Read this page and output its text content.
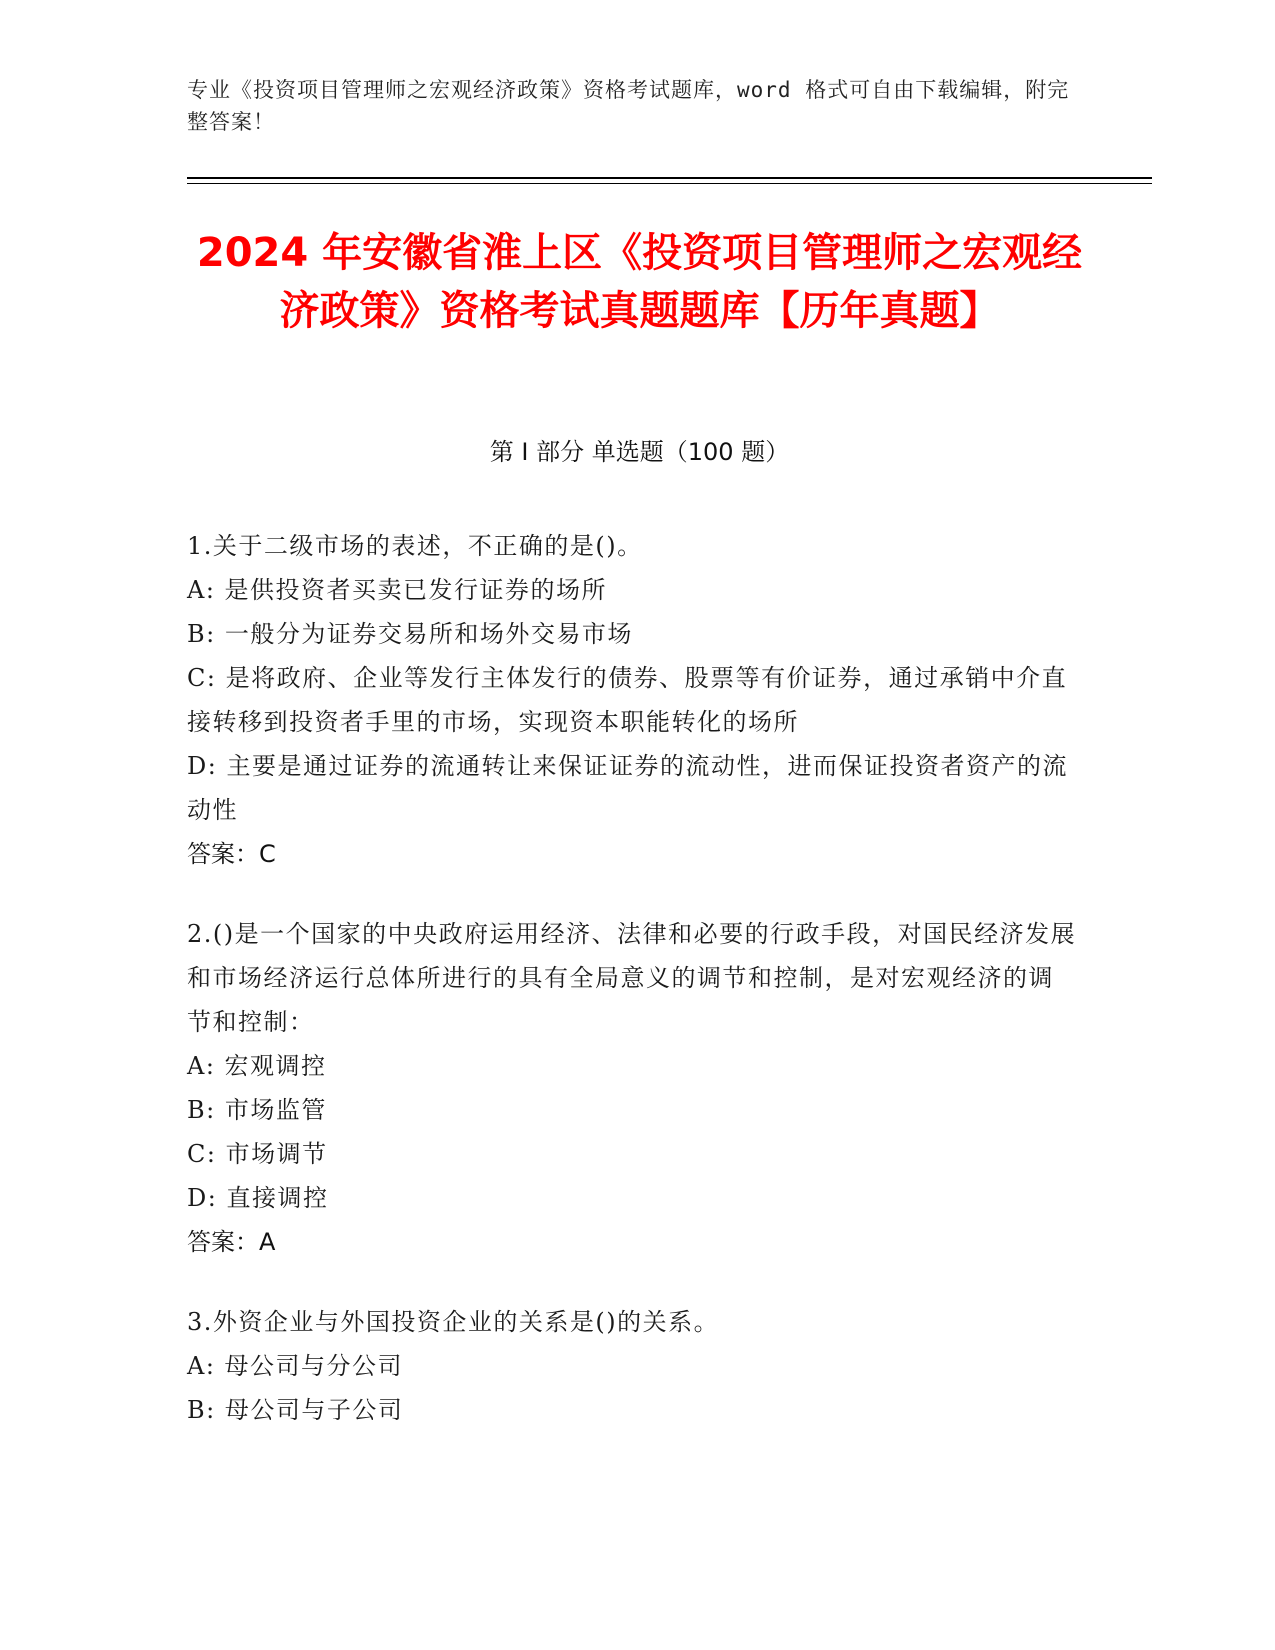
专业《投资项目管理师之宏观经济政策》资格考试题库，word 格式可自由下载编辑，附完整答案！
2024 年安徽省淮上区《投资项目管理师之宏观经济政策》资格考试真题题库【历年真题】
第 I 部分 单选题（100 题）
1.关于二级市场的表述，不正确的是()。
A: 是供投资者买卖已发行证券的场所
B: 一般分为证券交易所和场外交易市场
C: 是将政府、企业等发行主体发行的债券、股票等有价证券，通过承销中介直接转移到投资者手里的市场，实现资本职能转化的场所
D: 主要是通过证券的流通转让来保证证券的流动性，进而保证投资者资产的流动性
答案：C
2.()是一个国家的中央政府运用经济、法律和必要的行政手段，对国民经济发展和市场经济运行总体所进行的具有全局意义的调节和控制，是对宏观经济的调节和控制：
A: 宏观调控
B: 市场监管
C: 市场调节
D: 直接调控
答案：A
3.外资企业与外国投资企业的关系是()的关系。
A: 母公司与分公司
B: 母公司与子公司
